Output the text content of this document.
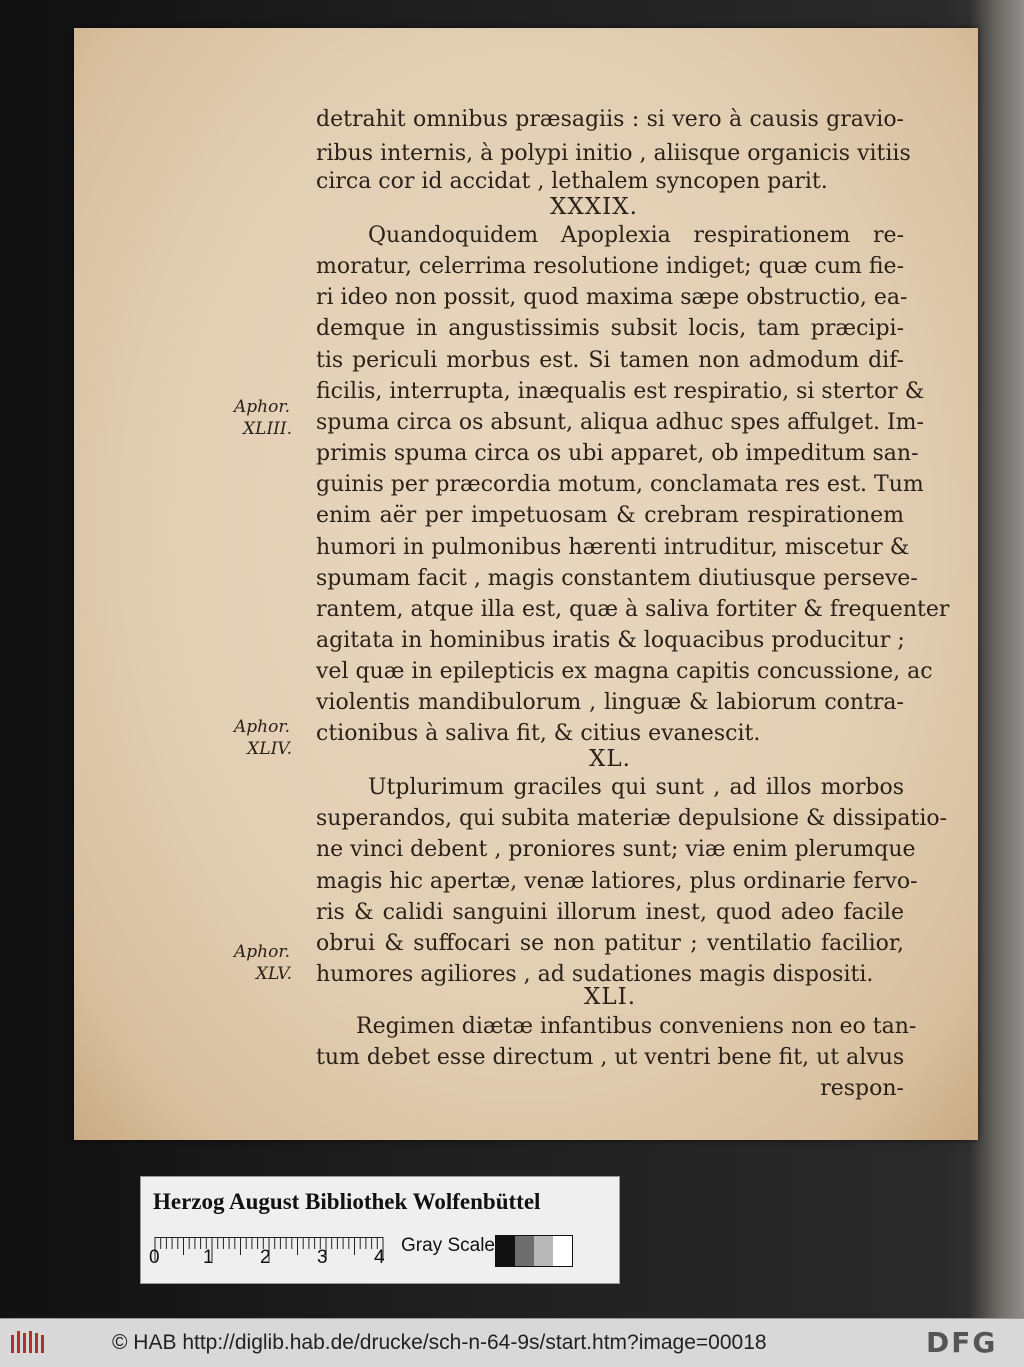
detrahit omnibus præsagiis : si vero à causis gravio-
ribus internis, à polypi initio , aliisque organicis vitiis
circa cor id accidat , lethalem syncopen parit.
Quandoquidem Apoplexia respirationem re-
moratur, celerrima resolutione indiget; quæ cum fie-
ri ideo non possit, quod maxima sæpe obstructio, ea-
demque in angustissimis subsit locis, tam præcipi-
tis periculi morbus est. Si tamen non admodum dif-
ficilis, interrupta, inæqualis est respiratio, si stertor &
spuma circa os absunt, aliqua adhuc spes affulget. Im-
primis spuma circa os ubi apparet, ob impeditum san-
guinis per præcordia motum, conclamata res est. Tum
enim aër per impetuosam & crebram respirationem
humori in pulmonibus hærenti intruditur, miscetur &
spumam facit , magis constantem diutiusque perseve-
rantem, atque illa est, quæ à saliva fortiter & frequenter
agitata in hominibus iratis & loquacibus producitur ;
vel quæ in epilepticis ex magna capitis concussione, ac
violentis mandibulorum , linguæ & labiorum contra-
ctionibus à saliva fit, & citius evanescit.
Utplurimum graciles qui sunt , ad illos morbos
superandos, qui subita materiæ depulsione & dissipatio-
ne vinci debent , proniores sunt; viæ enim plerumque
magis hic apertæ, venæ latiores, plus ordinarie fervo-
ris & calidi sanguini illorum inest, quod adeo facile
obrui & suffocari se non patitur ; ventilatio facilior,
humores agiliores , ad sudationes magis dispositi.
Regimen diætæ infantibus conveniens non eo tan-
tum debet esse directum , ut ventri bene fit, ut alvus
respon-
XXXIX.
XL.
XLI.
Aphor.
XLIII.
Aphor.
XLIV.
Aphor.
XLV.
Herzog August Bibliothek Wolfenbüttel
0 1 2 3 4
Gray Scale
© HAB http://diglib.hab.de/drucke/sch-n-64-9s/start.htm?image=00018	DFG
